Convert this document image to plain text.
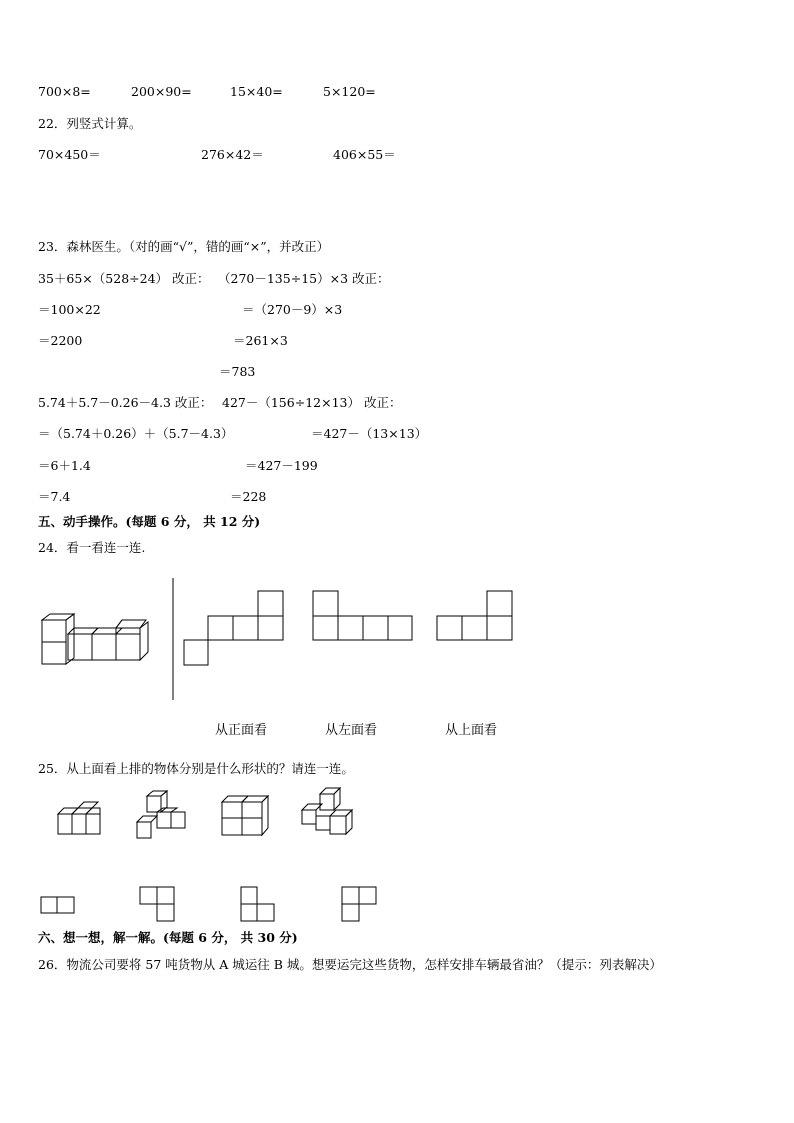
700×8=	200×90=	15×40=	5×120=
22．列竖式计算。
70×450＝	276×42＝	406×55＝
23．森林医生。（对的画“√”，错的画“×”，并改正）
35＋65×（528÷24） 改正：
＝100×22
＝2200
（270－135÷15）×3 改正：
＝（270－9）×3
＝261×3
＝783
5.74＋5.7－0.26－4.3 改正：
＝（5.74＋0.26）＋（5.7－4.3）
＝6＋1.4
＝7.4
427－（156÷12×13） 改正：
＝427－（13×13）
＝427－199
＝228
五、动手操作。(每题 6 分， 共 12 分)
24．看一看连一连.
从正面看	从左面看	从上面看
25．从上面看上排的物体分别是什么形状的？请连一连。
六、想一想，解一解。(每题 6 分， 共 30 分)
26．物流公司要将 57 吨货物从 A 城运往 B 城。想要运完这些货物，怎样安排车辆最省油？（提示：列表解决）
